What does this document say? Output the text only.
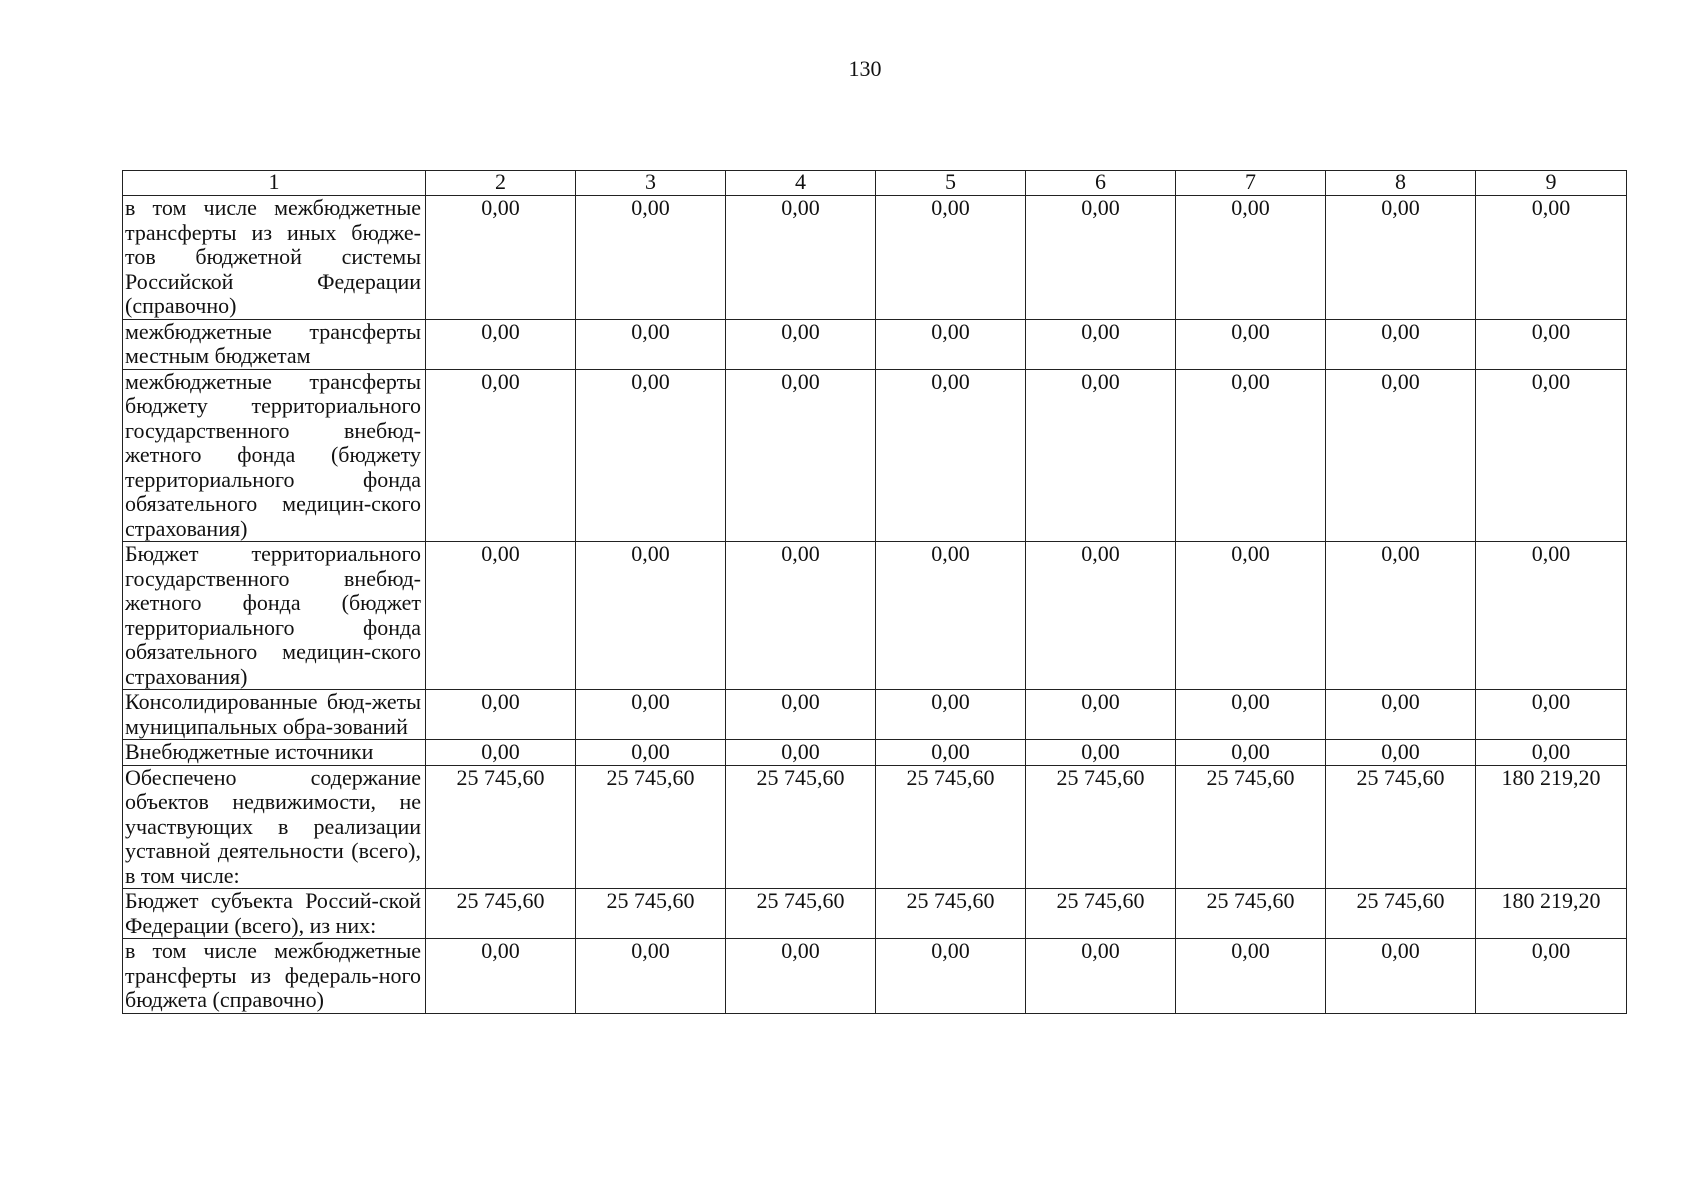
130
1	2	3	4	5	6	7	8	9
в том числе межбюджетные трансферты из иных бюдже-тов бюджетной системы Российской Федерации (справочно)	0,00	0,00	0,00	0,00	0,00	0,00	0,00	0,00
межбюджетные трансферты местным бюджетам	0,00	0,00	0,00	0,00	0,00	0,00	0,00	0,00
межбюджетные трансферты бюджету территориального государственного внебюд-жетного фонда (бюджету территориального фонда обязательного медицин-ского страхования)	0,00	0,00	0,00	0,00	0,00	0,00	0,00	0,00
Бюджет территориального государственного внебюд-жетного фонда (бюджет территориального фонда обязательного медицин-ского страхования)	0,00	0,00	0,00	0,00	0,00	0,00	0,00	0,00
Консолидированные бюд-жеты муниципальных обра-зований	0,00	0,00	0,00	0,00	0,00	0,00	0,00	0,00
Внебюджетные источники	0,00	0,00	0,00	0,00	0,00	0,00	0,00	0,00
Обеспечено содержание объектов недвижимости, не участвующих в реализации уставной деятельности (всего), в том числе:	25 745,60	25 745,60	25 745,60	25 745,60	25 745,60	25 745,60	25 745,60	180 219,20
Бюджет субъекта Россий-ской Федерации (всего), из них:	25 745,60	25 745,60	25 745,60	25 745,60	25 745,60	25 745,60	25 745,60	180 219,20
в том числе межбюджетные трансферты из федераль-ного бюджета (справочно)	0,00	0,00	0,00	0,00	0,00	0,00	0,00	0,00
